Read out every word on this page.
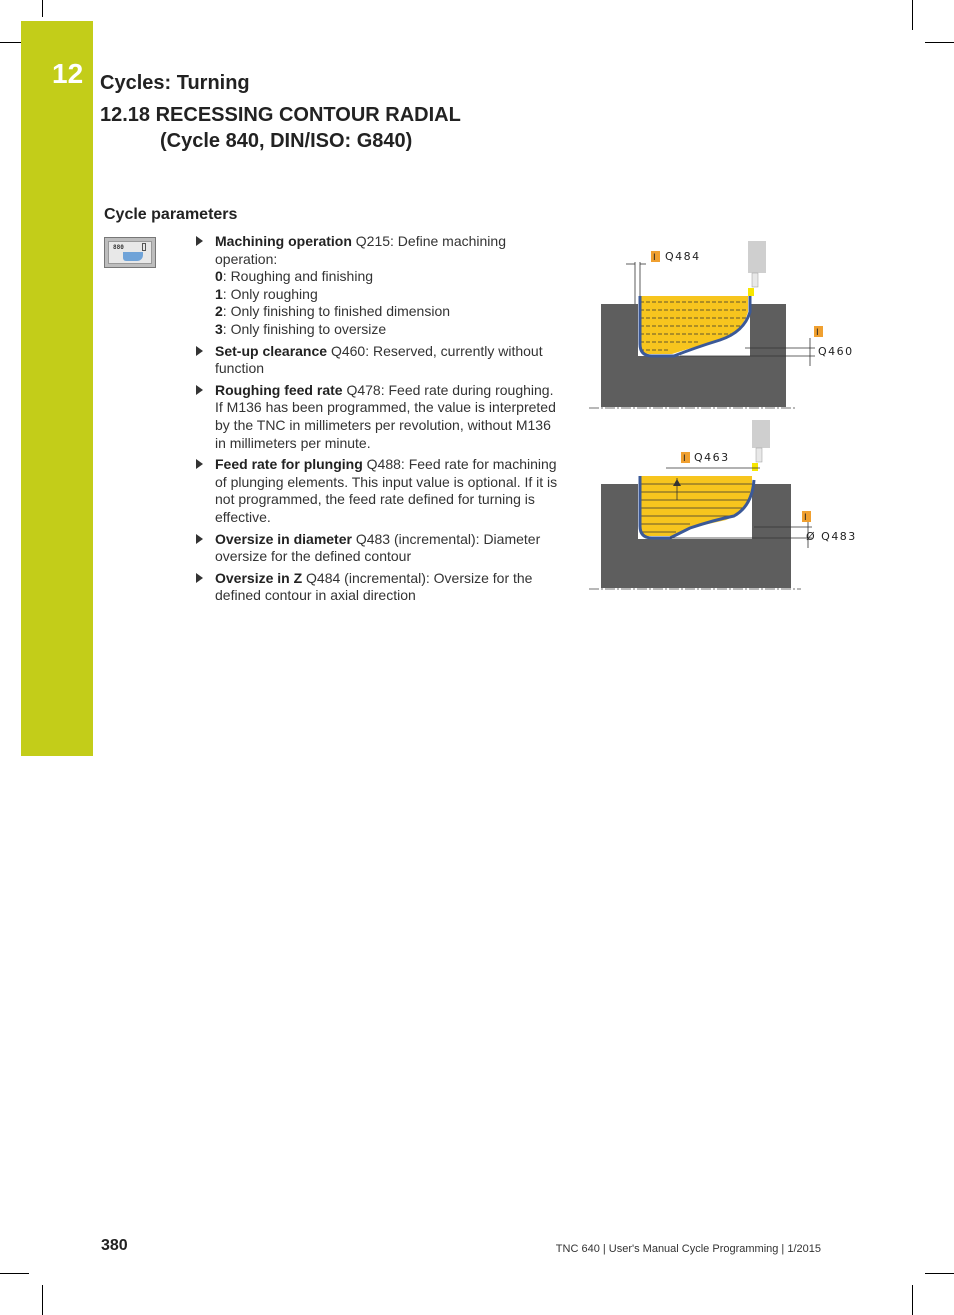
12 Cycles: Turning
12.18 RECESSING CONTOUR RADIAL
(Cycle 840, DIN/ISO: G840)
Cycle parameters
880	Machining operation Q215: Define machining operation:
0: Roughing and finishing
1: Only roughing
2: Only finishing to finished dimension
3: Only finishing to oversize
Set-up clearance Q460: Reserved, currently without function
Roughing feed rate Q478: Feed rate during roughing. If M136 has been programmed, the value is interpreted by the TNC in millimeters per revolution, without M136 in millimeters per minute.
Feed rate for plunging Q488: Feed rate for machining of plunging elements. This input value is optional. If it is not programmed, the feed rate defined for turning is effective.
Oversize in diameter Q483 (incremental): Diameter oversize for the defined contour
Oversize in Z Q484 (incremental): Oversize for the defined contour in axial direction
I Q484
I
Q460
I Q463
I
Ø Q483
380	TNC 640 | User's Manual Cycle Programming | 1/2015
